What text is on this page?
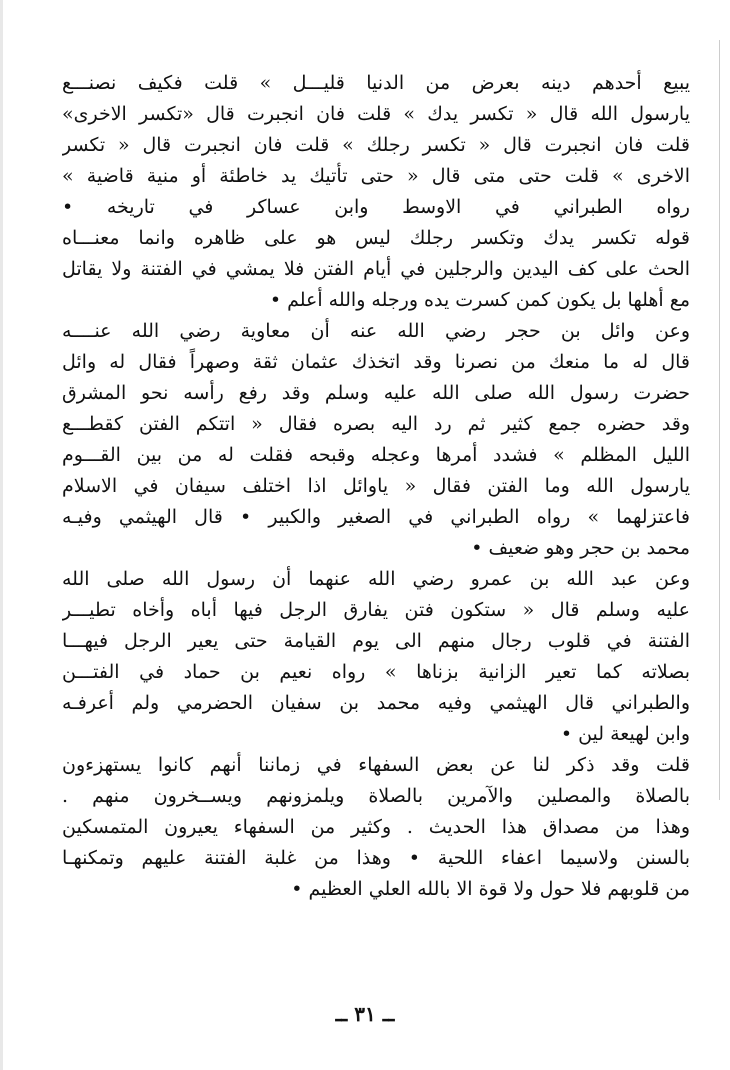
يبيع أحدهم دينه بعرض من الدنيا قليـــل » قلت فكيف نصنـــع
يارسول الله قال « تكسر يدك » قلت فان انجبرت قال «تكسر الاخرى»
قلت فان انجبرت قال « تكسر رجلك » قلت فان انجبرت قال « تكسر
الاخرى » قلت حتى متى قال « حتى تأتيك يد خاطئة أو منية قاضية »
رواه الطبراني في الاوسط وابن عساكر في تاريخه •
قوله تكسر يدك وتكسر رجلك ليس هو على ظاهره وانما معنـــاه
الحث على كف اليدين والرجلين في أيام الفتن فلا يمشي في الفتنة ولا يقاتل
مع أهلها بل يكون كمن كسرت يده ورجله والله أعلم •
وعن وائل بن حجر رضي الله عنه أن معاوية رضي الله عنــــه
قال له ما منعك من نصرنا وقد اتخذك عثمان ثقة وصهراً فقال له وائل
حضرت رسول الله صلى الله عليه وسلم وقد رفع رأسه نحو المشرق
وقد حضره جمع كثير ثم رد اليه بصره فقال « اتتكم الفتن كقطـــع
الليل المظلم » فشدد أمرها وعجله وقبحه فقلت له من بين القـــوم
يارسول الله وما الفتن فقال « ياوائل اذا اختلف سيفان في الاسلام
فاعتزلهما » رواه الطبراني في الصغير والكبير • قال الهيثمي وفيـه
محمد بن حجر وهو ضعيف •
وعن عبد الله بن عمرو رضي الله عنهما أن رسول الله صلى الله
عليه وسلم قال « ستكون فتن يفارق الرجل فيها أباه وأخاه تطيـــر
الفتنة في قلوب رجال منهم الى يوم القيامة حتى يعير الرجل فيهـــا
بصلاته كما تعير الزانية بزناها » رواه نعيم بن حماد في الفتـــن
والطبراني قال الهيثمي وفيه محمد بن سفيان الحضرمي ولم أعرفـه
وابن لهيعة لين •
قلت وقد ذكر لنا عن بعض السفهاء في زماننا أنهم كانوا يستهزءون
بالصلاة والمصلين والآمرين بالصلاة ويلمزونهم ويســخرون منهم .
وهذا من مصداق هذا الحديث . وكثير من السفهاء يعيرون المتمسكين
بالسنن ولاسيما اعفاء اللحية • وهذا من غلبة الفتنة عليهم وتمكنهـا
من قلوبهم فلا حول ولا قوة الا بالله العلي العظيم •
ــ ٣١ ــ
